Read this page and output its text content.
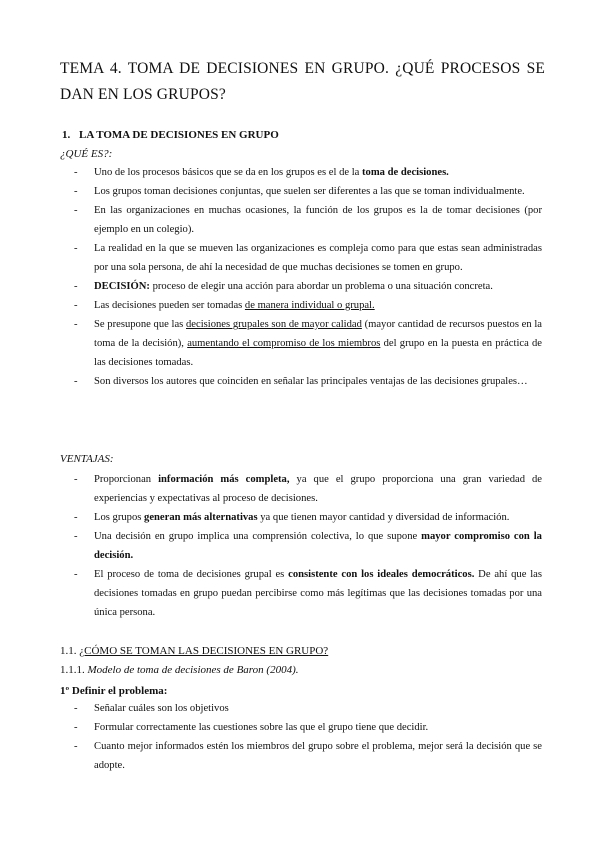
TEMA 4. TOMA DE DECISIONES EN GRUPO. ¿QUÉ PROCESOS SE DAN EN LOS GRUPOS?
1. LA TOMA DE DECISIONES EN GRUPO
¿QUÉ ES?:
-	Uno de los procesos básicos que se da en los grupos es el de la toma de decisiones.
-	Los grupos toman decisiones conjuntas, que suelen ser diferentes a las que se toman individualmente.
-	En las organizaciones en muchas ocasiones, la función de los grupos es la de tomar decisiones (por ejemplo en un colegio).
-	La realidad en la que se mueven las organizaciones es compleja como para que estas sean administradas por una sola persona, de ahí la necesidad de que muchas decisiones se tomen en grupo.
-	DECISIÓN: proceso de elegir una acción para abordar un problema o una situación concreta.
-	Las decisiones pueden ser tomadas de manera individual o grupal.
-	Se presupone que las decisiones grupales son de mayor calidad (mayor cantidad de recursos puestos en la toma de la decisión), aumentando el compromiso de los miembros del grupo en la puesta en práctica de las decisiones tomadas.
-	Son diversos los autores que coinciden en señalar las principales ventajas de las decisiones grupales…
VENTAJAS:
-	Proporcionan información más completa, ya que el grupo proporciona una gran variedad de experiencias y expectativas al proceso de decisiones.
-	Los grupos generan más alternativas ya que tienen mayor cantidad y diversidad de información.
-	Una decisión en grupo implica una comprensión colectiva, lo que supone mayor compromiso con la decisión.
-	El proceso de toma de decisiones grupal es consistente con los ideales democráticos. De ahí que las decisiones tomadas en grupo puedan percibirse como más legítimas que las decisiones tomadas por una única persona.
1.1. ¿CÓMO SE TOMAN LAS DECISIONES EN GRUPO?
1.1.1. Modelo de toma de decisiones de Baron (2004).
1º Definir el problema:
-	Señalar cuáles son los objetivos
-	Formular correctamente las cuestiones sobre las que el grupo tiene que decidir.
-	Cuanto mejor informados estén los miembros del grupo sobre el problema, mejor será la decisión que se adopte.
